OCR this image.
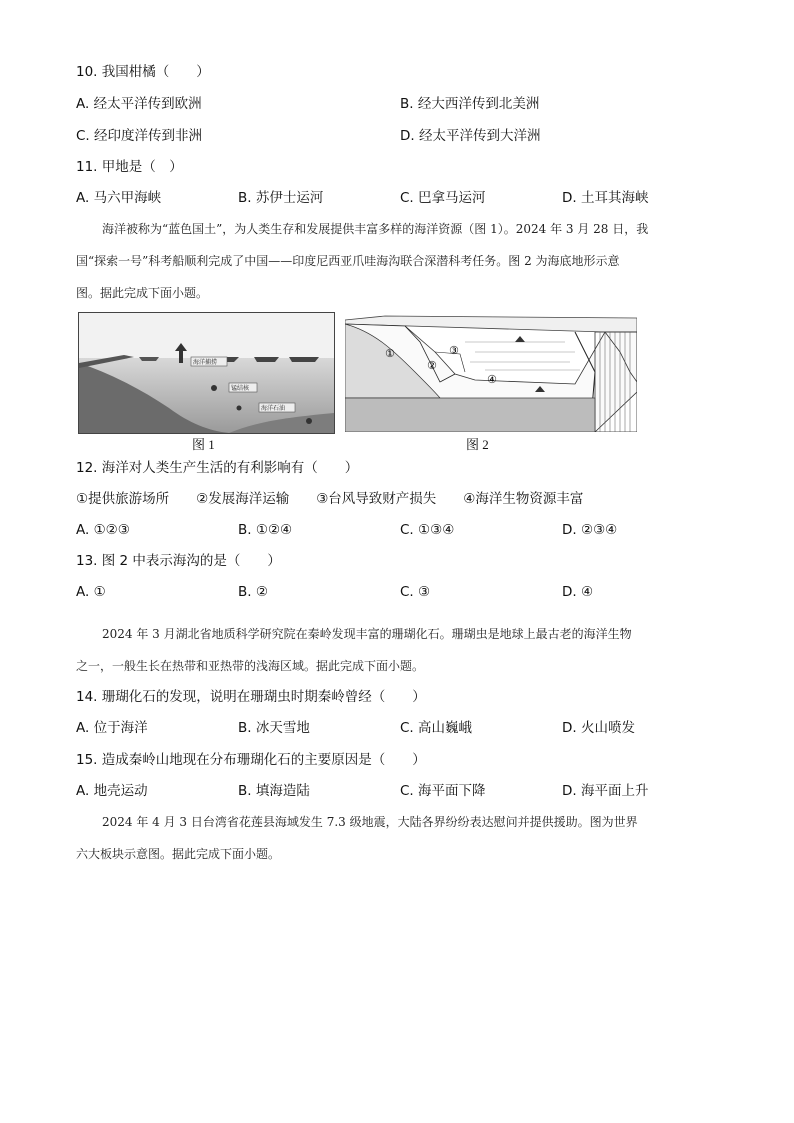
10. 我国柑橘（　　）
A. 经太平洋传到欧洲	B. 经大西洋传到北美洲
C. 经印度洋传到非洲	D. 经太平洋传到大洋洲
11. 甲地是（　）
A. 马六甲海峡	B. 苏伊士运河	C. 巴拿马运河	D. 土耳其海峡
海洋被称为“蓝色国土”，为人类生存和发展提供丰富多样的海洋资源（图 1）。2024 年 3 月 28 日，我
国“探索一号”科考船顺利完成了中国——印度尼西亚爪哇海沟联合深潜科考任务。图 2 为海底地形示意
图。据此完成下面小题。
海洋捕捞
锰结核
海洋石油
图 1
①
②
③
④
图 2
12. 海洋对人类生产生活的有利影响有（　　）
①提供旅游场所　　②发展海洋运输　　③台风导致财产损失　　④海洋生物资源丰富
A. ①②③	B. ①②④	C. ①③④	D. ②③④
13. 图 2 中表示海沟的是（　　）
A. ①	B. ②	C. ③	D. ④
2024 年 3 月湖北省地质科学研究院在秦岭发现丰富的珊瑚化石。珊瑚虫是地球上最古老的海洋生物
之一，一般生长在热带和亚热带的浅海区域。据此完成下面小题。
14. 珊瑚化石的发现，说明在珊瑚虫时期秦岭曾经（　　）
A. 位于海洋	B. 冰天雪地	C. 高山巍峨	D. 火山喷发
15. 造成秦岭山地现在分布珊瑚化石的主要原因是（　　）
A. 地壳运动	B. 填海造陆	C. 海平面下降	D. 海平面上升
2024 年 4 月 3 日台湾省花莲县海域发生 7.3 级地震，大陆各界纷纷表达慰问并提供援助。图为世界
六大板块示意图。据此完成下面小题。
